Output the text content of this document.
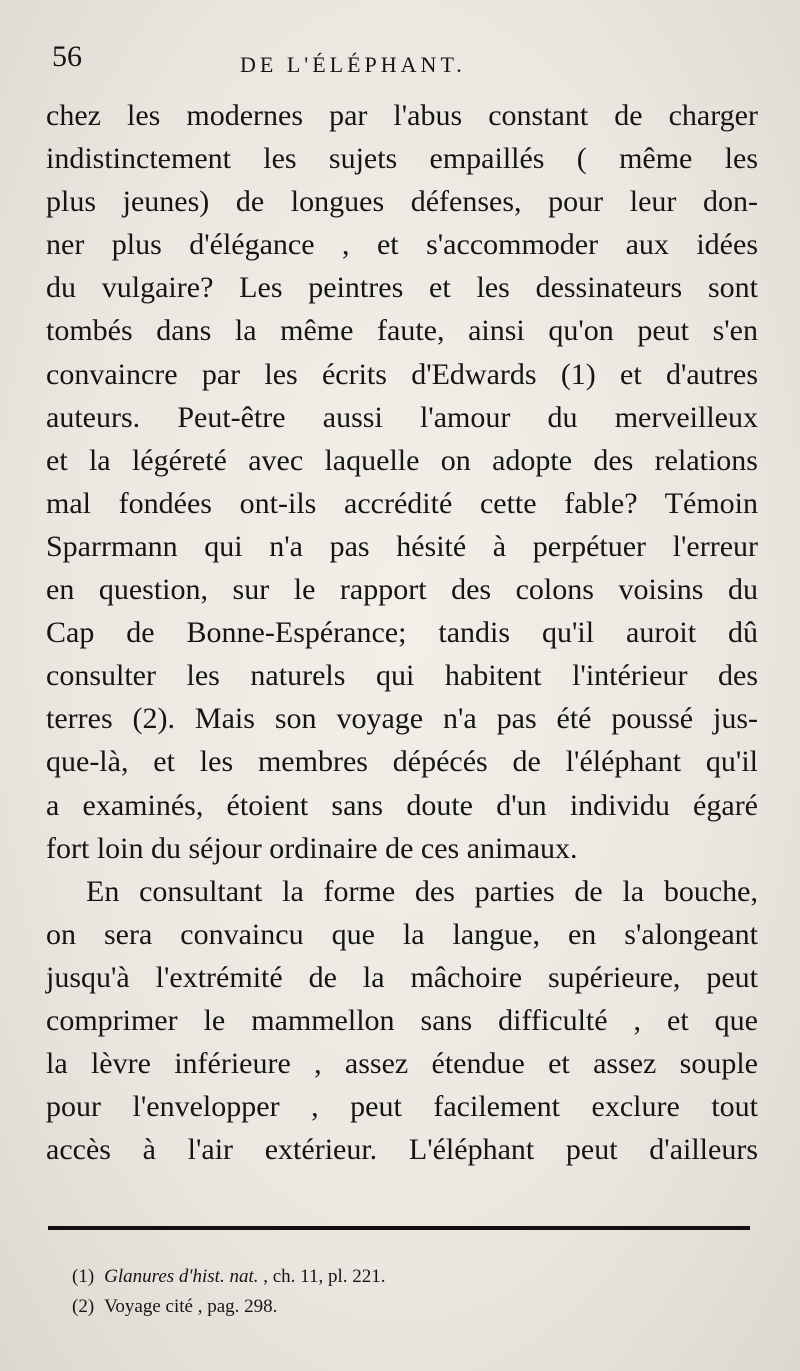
56	DE L'ÉLÉPHANT.
chez les modernes par l'abus constant de charger
indistinctement les sujets empaillés ( même les
plus jeunes) de longues défenses, pour leur don-
ner plus d'élégance , et s'accommoder aux idées
du vulgaire? Les peintres et les dessinateurs sont
tombés dans la même faute, ainsi qu'on peut s'en
convaincre par les écrits d'Edwards (1) et d'autres
auteurs. Peut-être aussi l'amour du merveilleux
et la légéreté avec laquelle on adopte des relations
mal fondées ont-ils accrédité cette fable? Témoin
Sparrmann qui n'a pas hésité à perpétuer l'erreur
en question, sur le rapport des colons voisins du
Cap de Bonne-Espérance; tandis qu'il auroit dû
consulter les naturels qui habitent l'intérieur des
terres (2). Mais son voyage n'a pas été poussé jus-
que-là, et les membres dépécés de l'éléphant qu'il
a examinés, étoient sans doute d'un individu égaré
fort loin du séjour ordinaire de ces animaux.
En consultant la forme des parties de la bouche,
on sera convaincu que la langue, en s'alongeant
jusqu'à l'extrémité de la mâchoire supérieure, peut
comprimer le mammellon sans difficulté , et que
la lèvre inférieure , assez étendue et assez souple
pour l'envelopper , peut facilement exclure tout
accès à l'air extérieur. L'éléphant peut d'ailleurs
(1) Glanures d'hist. nat. , ch. 11, pl. 221.
(2) Voyage cité , pag. 298.
